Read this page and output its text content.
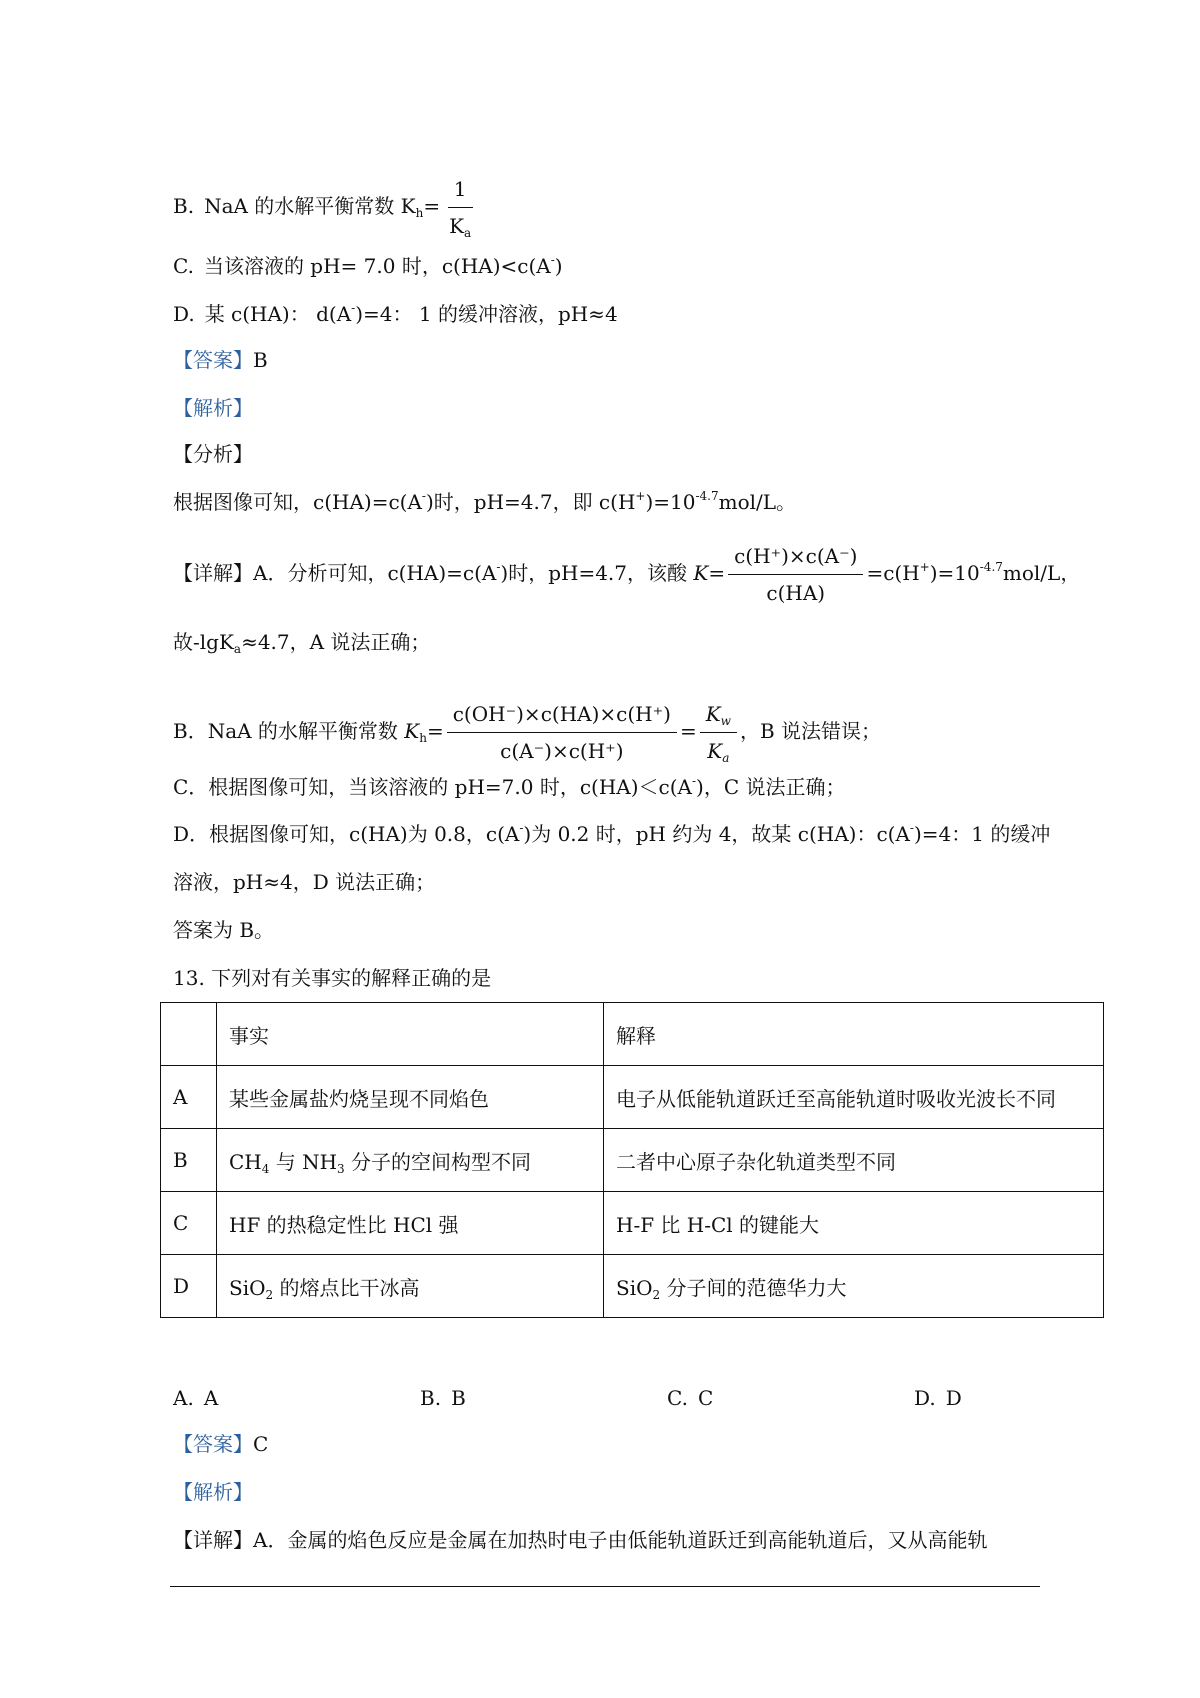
B. NaA 的水解平衡常数 $K_h= \frac{1}{K_a}$
C. 当该溶液的 pH= 7.0 时，c(HA)<c(A-)
D. 某 c(HA)： d(A-)=4： 1 的缓冲溶液，pH≈4
【答案】B
【解析】
【分析】
根据图像可知，c(HA)=c(A-)时，pH=4.7，即 $c(H^+)=10^{-4.7}mol/L$。
【详解】A．分析可知，c(HA)=c(A-)时，pH=4.7，该酸 $K= \frac{c(H^+)\times c(A^-)}{c(HA)} =c(H^+)=10^{-4.7}mol/L$，
故-lgK$_a$≈4.7，A 说法正确；
B．NaA 的水解平衡常数 $K_h= \frac{c(OH^-)\times c(HA)\times c(H^+)}{c(A^-)\times c(H^+)} = \frac{K_w}{K_a}$ ，B 说法错误；
C．根据图像可知，当该溶液的 pH=7.0 时，c(HA)＜c(A-)，C 说法正确；
D．根据图像可知，c(HA)为 0.8，c(A-)为 0.2 时，pH 约为 4，故某 c(HA)：c(A-)=4：1 的缓冲
溶液，pH≈4，D 说法正确；
答案为 B。
13. 下列对有关事实的解释正确的是
	事实	解释
A	某些金属盐灼烧呈现不同焰色	电子从低能轨道跃迁至高能轨道时吸收光波长不同
B	$CH_4$ 与 $NH_3$ 分子的空间构型不同	二者中心原子杂化轨道类型不同
C	HF 的热稳定性比 HCl 强	H-F 比 H-Cl 的键能大
D	SiO$_2$ 的熔点比干冰高	SiO$_2$ 分子间的范德华力大
A. A	B. B	C. C	D. D
【答案】C
【解析】
【详解】A．金属的焰色反应是金属在加热时电子由低能轨道跃迁到高能轨道后，又从高能轨
